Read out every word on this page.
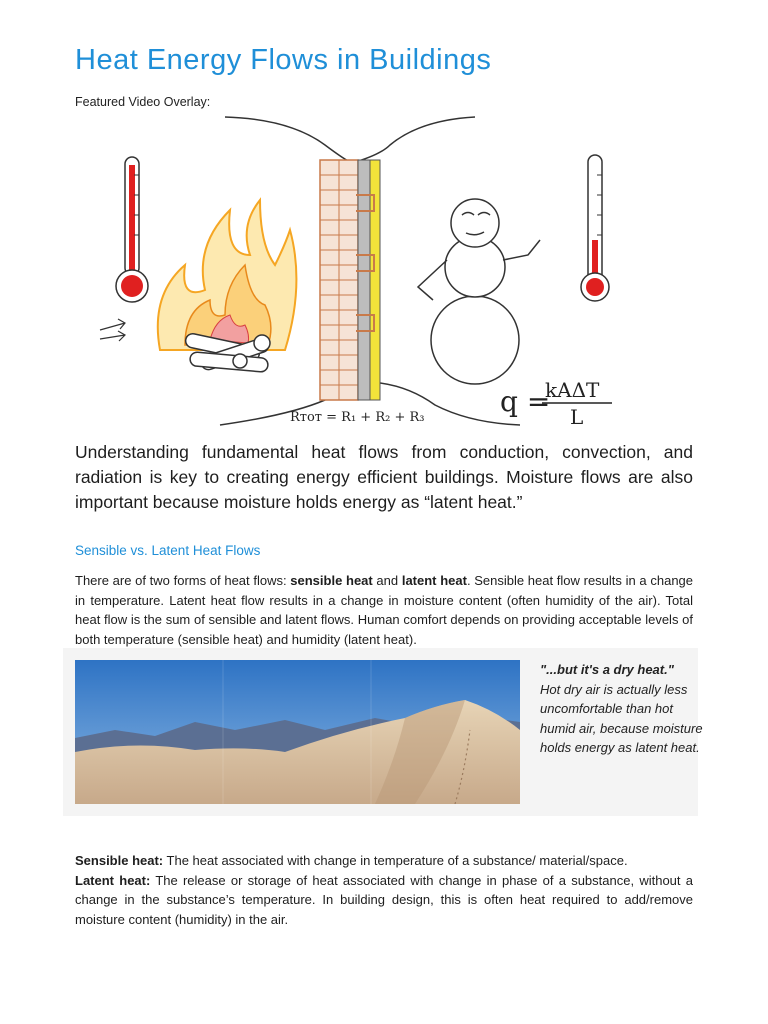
Heat Energy Flows in Buildings
Featured Video Overlay:
Rᴛᴏᴛ = R₁ + R₂ + R₃	q =
kAΔT
L

Understanding fundamental heat flows from conduction, convection, and radiation is key to creating energy efficient buildings. Moisture flows are also important because moisture holds energy as “latent heat.”

Sensible vs. Latent Heat Flows

There are of two forms of heat flows: sensible heat and latent heat. Sensible heat flow results in a change in temperature. Latent heat flow results in a change in moisture content (often humidity of the air). Total heat flow is the sum of sensible and latent flows. Human comfort depends on providing acceptable levels of both temperature (sensible heat) and humidity (latent heat).

"...but it's a dry heat."
Hot dry air is actually less uncomfortable than hot humid air, because moisture holds energy as latent heat.

Sensible heat: The heat associated with change in temperature of a substance/ material/space.
Latent heat: The release or storage of heat associated with change in phase of a substance, without a change in the substance’s temperature. In building design, this is often heat required to add/remove moisture content (humidity) in the air.
